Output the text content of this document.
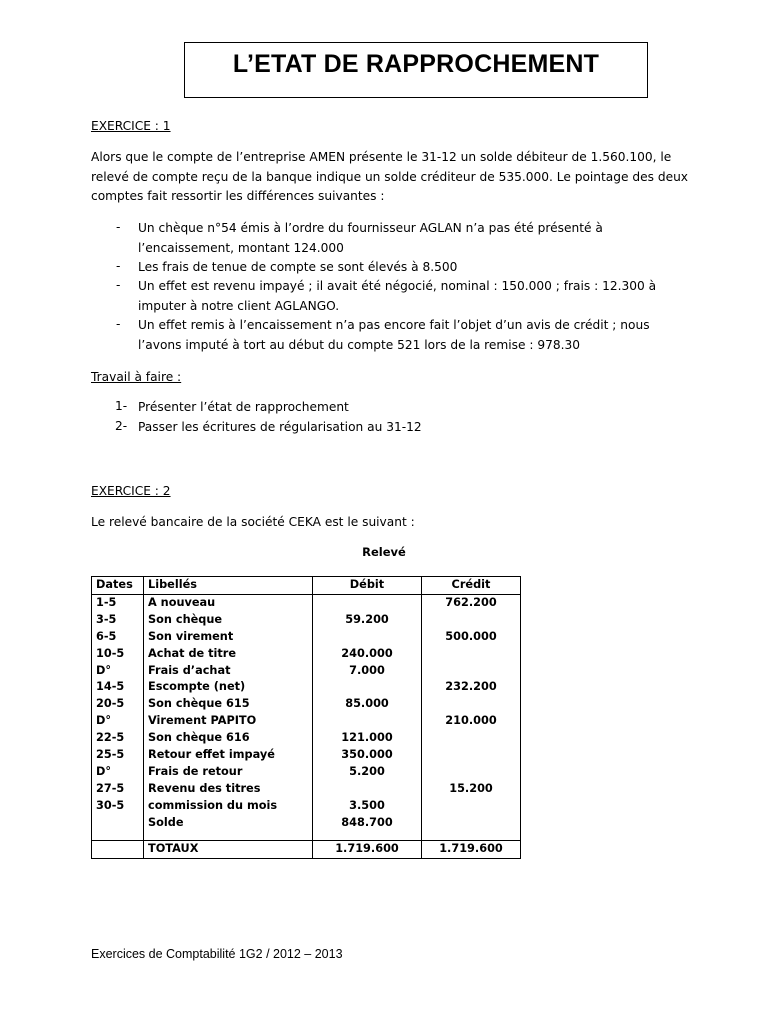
L’ETAT DE RAPPROCHEMENT
EXERCICE : 1
Alors que le compte de l’entreprise AMEN présente le 31-12 un solde débiteur de 1.560.100, le
relevé de compte reçu de la banque indique un solde créditeur de 535.000. Le pointage des deux
comptes fait ressortir les différences suivantes :
- Un chèque n°54 émis à l’ordre du fournisseur AGLAN n’a pas été présenté à
l’encaissement, montant 124.000
- Les frais de tenue de compte se sont élevés à 8.500
- Un effet est revenu impayé ; il avait été négocié, nominal : 150.000 ; frais : 12.300 à
imputer à notre client AGLANGO.
- Un effet remis à l’encaissement n’a pas encore fait l’objet d’un avis de crédit ; nous
l’avons imputé à tort au début du compte 521 lors de la remise : 978.30
Travail à faire :
1- Présenter l’état de rapprochement
2- Passer les écritures de régularisation au 31-12
EXERCICE : 2
Le relevé bancaire de la société CEKA est le suivant :
Relevé
Dates	Libellés	Débit	Crédit
1-5	A nouveau		762.200
3-5	Son chèque	59.200	
6-5	Son virement		500.000
10-5	Achat de titre	240.000	
D°	Frais d’achat	7.000	
14-5	Escompte (net)		232.200
20-5	Son chèque 615	85.000	
D°	Virement PAPITO		210.000
22-5	Son chèque 616	121.000	
25-5	Retour effet impayé	350.000	
D°	Frais de retour	5.200	
27-5	Revenu des titres		15.200
30-5	commission du mois	3.500	
	Solde	848.700	

	TOTAUX	1.719.600	1.719.600
Exercices de Comptabilité 1G2 / 2012 – 2013
